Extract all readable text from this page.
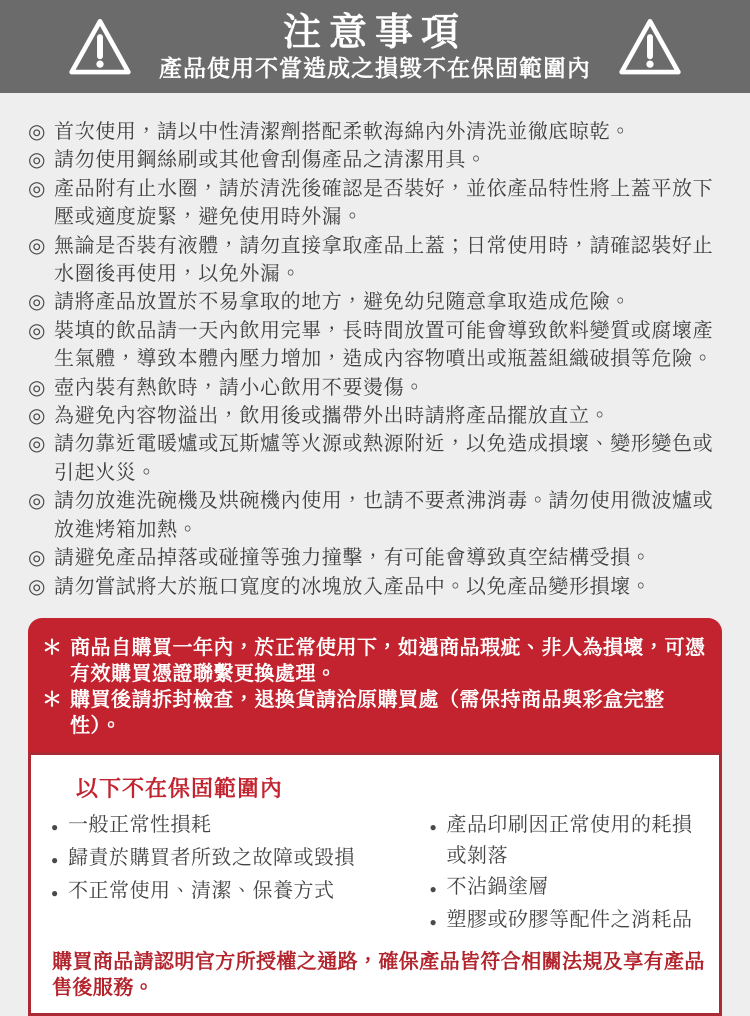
注意事項
產品使用不當造成之損毀不在保固範圍內
◎ 首次使用，請以中性清潔劑搭配柔軟海綿內外清洗並徹底晾乾。
◎ 請勿使用鋼絲刷或其他會刮傷產品之清潔用具。
◎ 產品附有止水圈，請於清洗後確認是否裝好，並依產品特性將上蓋平放下壓或適度旋緊，避免使用時外漏。
◎ 無論是否裝有液體，請勿直接拿取產品上蓋；日常使用時，請確認裝好止水圈後再使用，以免外漏。
◎ 請將產品放置於不易拿取的地方，避免幼兒隨意拿取造成危險。
◎ 裝填的飲品請一天內飲用完畢，長時間放置可能會導致飲料變質或腐壞產生氣體，導致本體內壓力增加，造成內容物噴出或瓶蓋組織破損等危險。
◎ 壺內裝有熱飲時，請小心飲用不要燙傷。
◎ 為避免內容物溢出，飲用後或攜帶外出時請將產品擺放直立。
◎ 請勿靠近電暖爐或瓦斯爐等火源或熱源附近，以免造成損壞、變形變色或引起火災。
◎ 請勿放進洗碗機及烘碗機內使用，也請不要煮沸消毒。請勿使用微波爐或放進烤箱加熱。
◎ 請避免產品掉落或碰撞等強力撞擊，有可能會導致真空結構受損。
◎ 請勿嘗試將大於瓶口寬度的冰塊放入產品中。以免產品變形損壞。
＊ 商品自購買一年內，於正常使用下，如遇商品瑕疵、非人為損壞，可憑有效購買憑證聯繫更換處理。
＊ 購買後請拆封檢查，退換貨請洽原購買處（需保持商品與彩盒完整性）。
以下不在保固範圍內
● 一般正常性損耗
● 歸責於購買者所致之故障或毀損
● 不正常使用、清潔、保養方式
● 產品印刷因正常使用的耗損或剝落
● 不沾鍋塗層
● 塑膠或矽膠等配件之消耗品
購買商品請認明官方所授權之通路，確保產品皆符合相關法規及享有產品售後服務。
